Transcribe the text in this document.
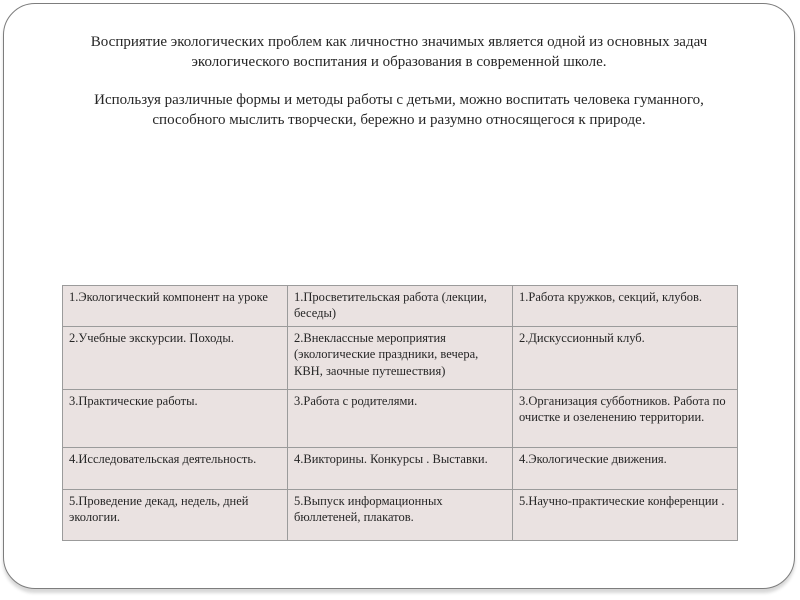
Восприятие экологических проблем как личностно значимых является одной из основных задач экологического воспитания и образования в современной школе.

Используя различные формы и методы работы с детьми, можно воспитать человека гуманного, способного мыслить творчески, бережно и разумно относящегося к природе.

1.Экологический компонент на уроке	1.Просветительская работа (лекции, беседы)	1.Работа кружков, секций, клубов.
2.Учебные экскурсии. Походы.	2.Внеклассные мероприятия (экологические праздники, вечера, КВН, заочные путешествия)	2.Дискуссионный клуб.
3.Практические работы.	3.Работа с родителями.	3.Организация субботников. Работа по очистке и озеленению территории.
4.Исследовательская деятельность.	4.Викторины. Конкурсы . Выставки.	4.Экологические движения.
5.Проведение декад, недель, дней экологии.	5.Выпуск информационных бюллетеней, плакатов.	5.Научно-практические конференции .
